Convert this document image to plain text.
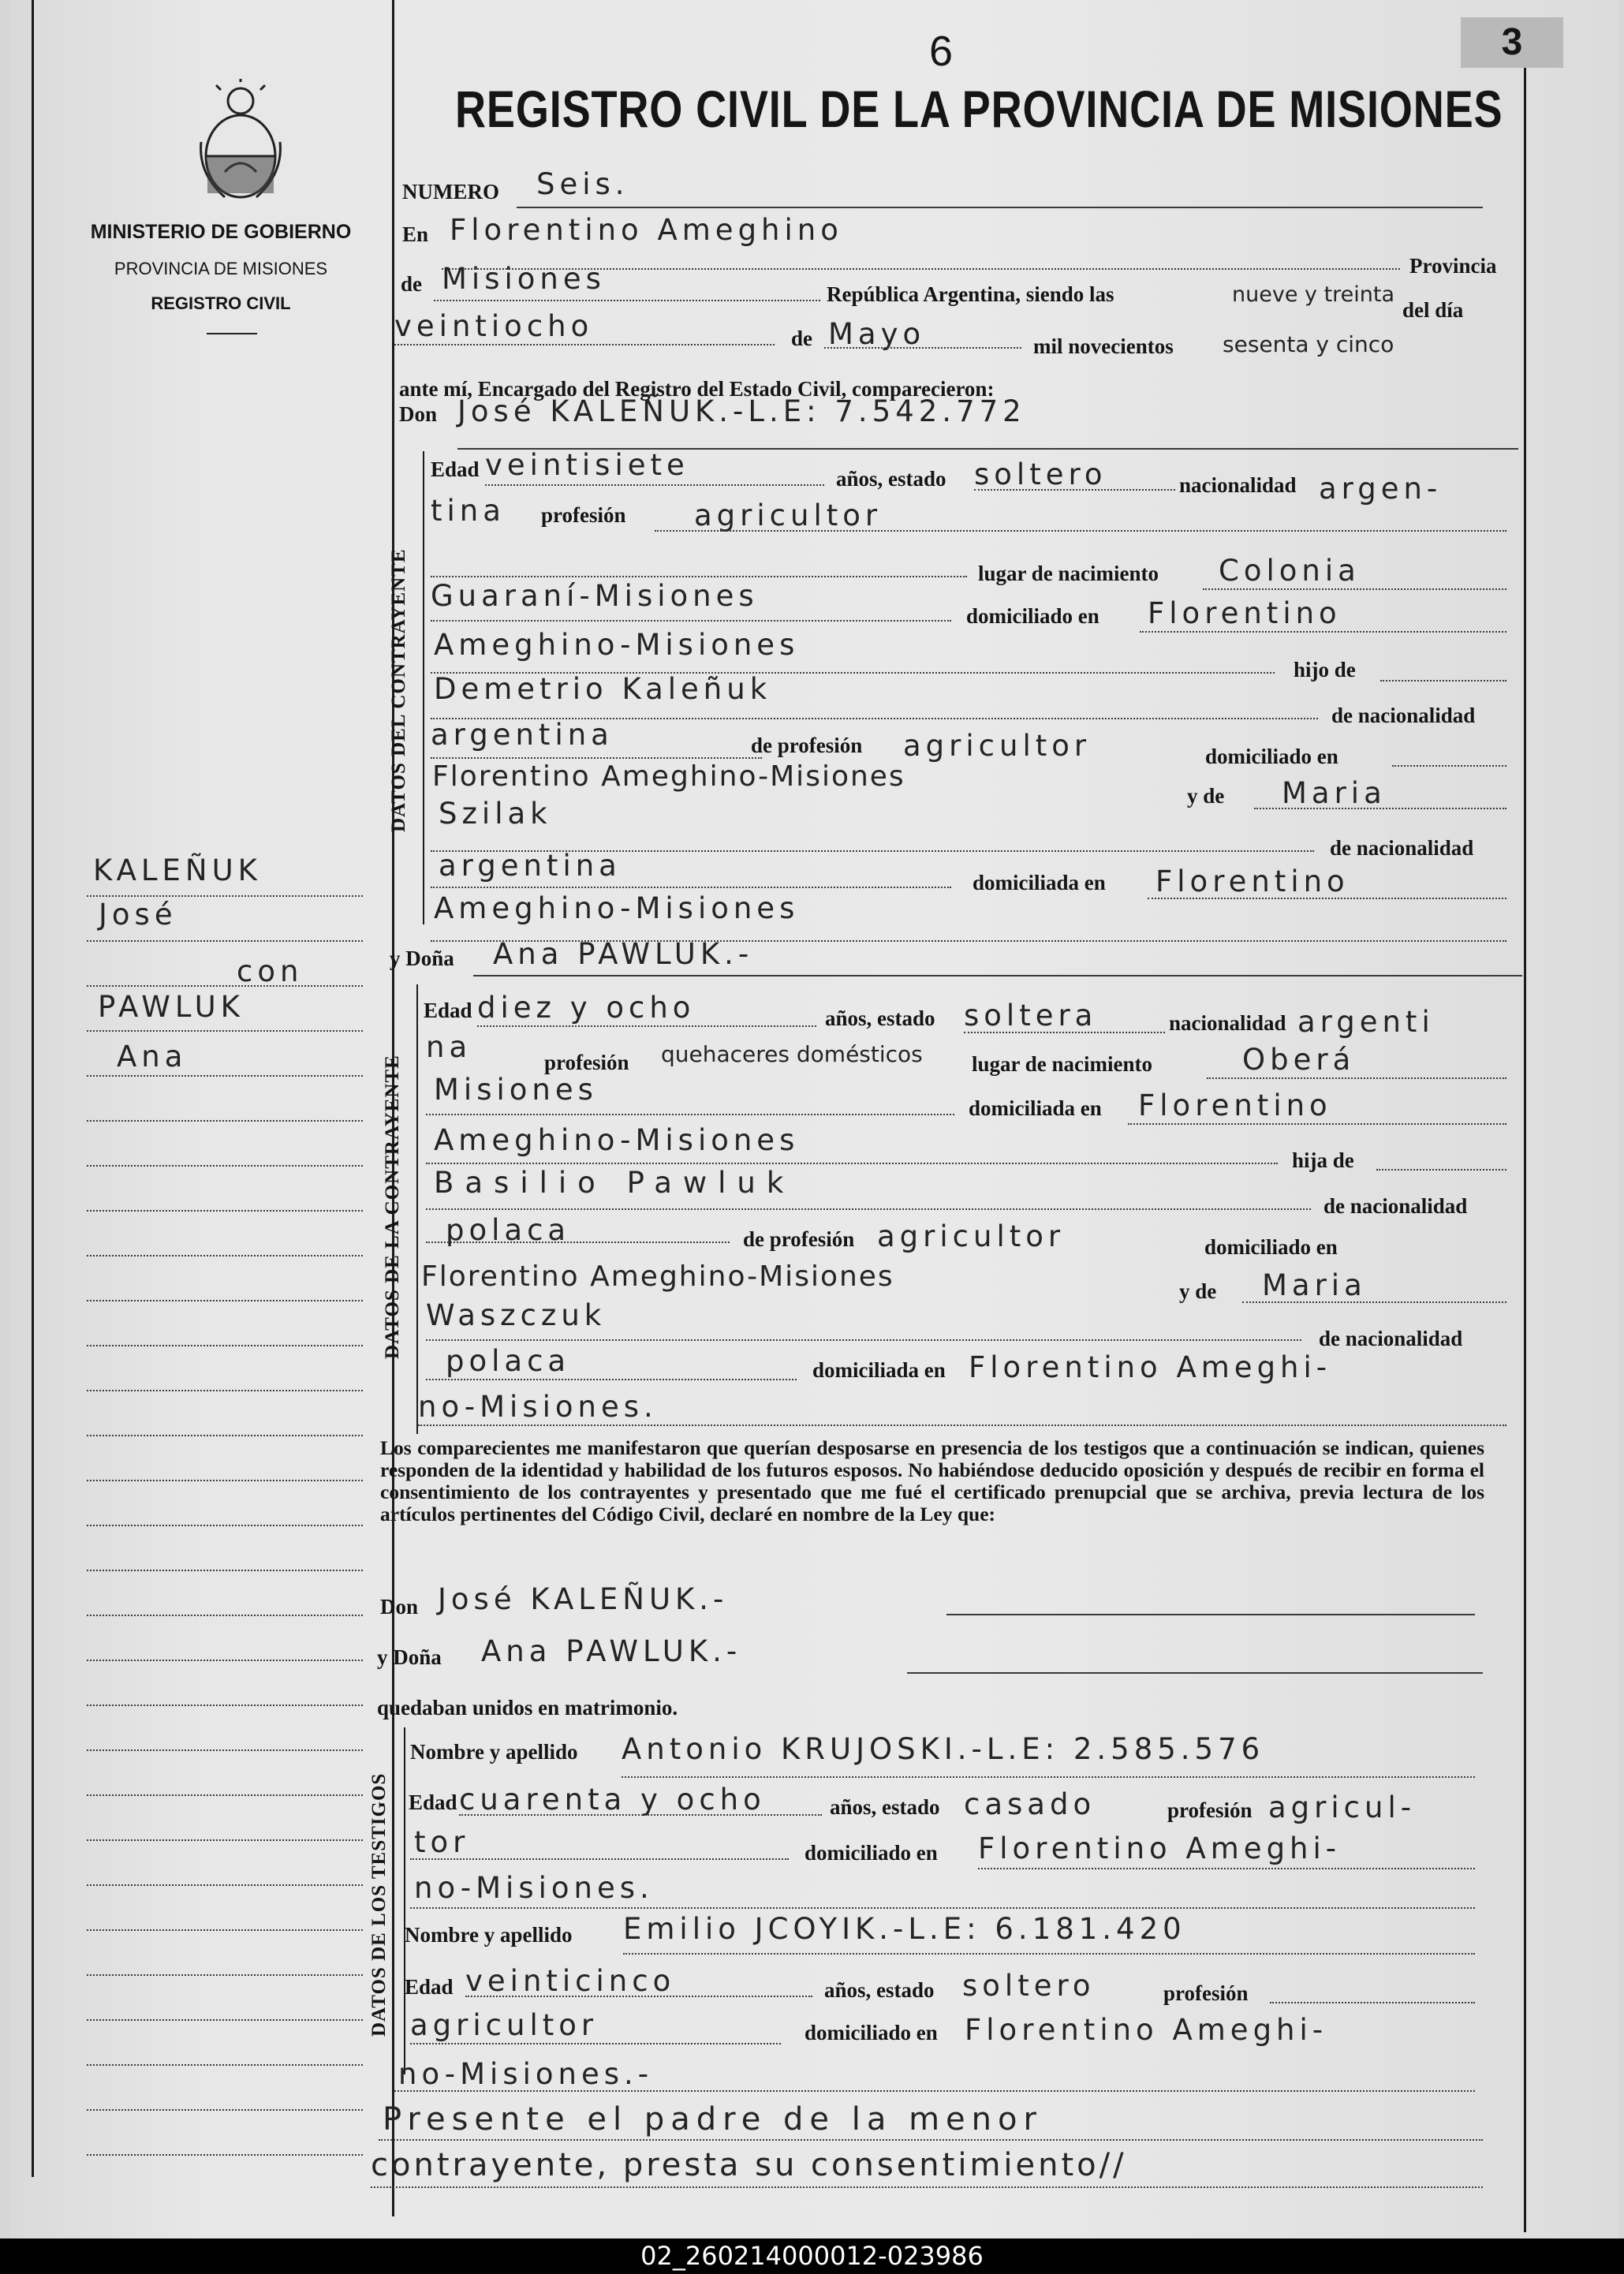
6	3
REGISTRO CIVIL DE LA PROVINCIA DE MISIONES
MINISTERIO DE GOBIERNO
PROVINCIA DE MISIONES
REGISTRO CIVIL
KALEÑUK
José
con
PAWLUK
Ana
NUMERO Seis.
En Florentino Ameghino
Provincia
de Misiones	República Argentina, siendo las	nueve y treinta
del día
veintiocho	de Mayo	mil novecientos sesenta y cinco
ante mí, Encargado del Registro del Estado Civil, comparecieron:
Don José KALEÑUK.-L.E: 7.542.772
DATOS DEL CONTRAYENTE
Edad veintisiete	años, estado soltero	nacionalidad argen-
tina profesión agricultor
lugar de nacimiento Colonia
Guaraní-Misiones
domiciliado en Florentino
Ameghino-Misiones
hijo de
Demetrio Kaleñuk
de nacionalidad
argentina	de profesión agricultor	domiciliado en
Florentino Ameghino-Misiones
y de Maria
Szilak
de nacionalidad
argentina	domiciliada en Florentino
Ameghino-Misiones
y Doña Ana PAWLUK.-
DATOS DE LA CONTRAYENTE
Edad diez y ocho	años, estado soltera	nacionalidad argenti
na	profesión quehaceres domésticos lugar de nacimiento	Oberá
Misiones
domiciliada en Florentino
Ameghino-Misiones
hija de
Basilio Pawluk
de nacionalidad
polaca	de profesión agricultor	domiciliado en
Florentino Ameghino-Misiones	y de Maria
Waszczuk
de nacionalidad
polaca	domiciliada en Florentino Ameghi-
no-Misiones.
Los comparecientes me manifestaron que querían desposarse en presencia de los testigos que a continuación se indican, quienes responden de la identidad y habilidad de los futuros esposos. No habiéndose deducido oposición y después de recibir en forma el consentimiento de los contrayentes y presentado que me fué el certificado prenupcial que se archiva, previa lectura de los artículos pertinentes del Código Civil, declaré en nombre de la Ley que:
Don José KALEÑUK.-
y Doña Ana PAWLUK.-
quedaban unidos en matrimonio.
DATOS DE LOS TESTIGOS
Nombre y apellido Antonio KRUJOSKI.-L.E: 2.585.576
Edad cuarenta y ocho	años, estado casado	profesión agricul-
tor	domiciliado en Florentino Ameghi-
no-Misiones.
Nombre y apellido Emilio JCOYIK.-L.E: 6.181.420
Edad veinticinco	años, estado soltero	profesión
agricultor	domiciliado en Florentino Ameghi-
no-Misiones.-
Presente el padre de la menor
contrayente, presta su consentimiento//
02_260214000012-023986
